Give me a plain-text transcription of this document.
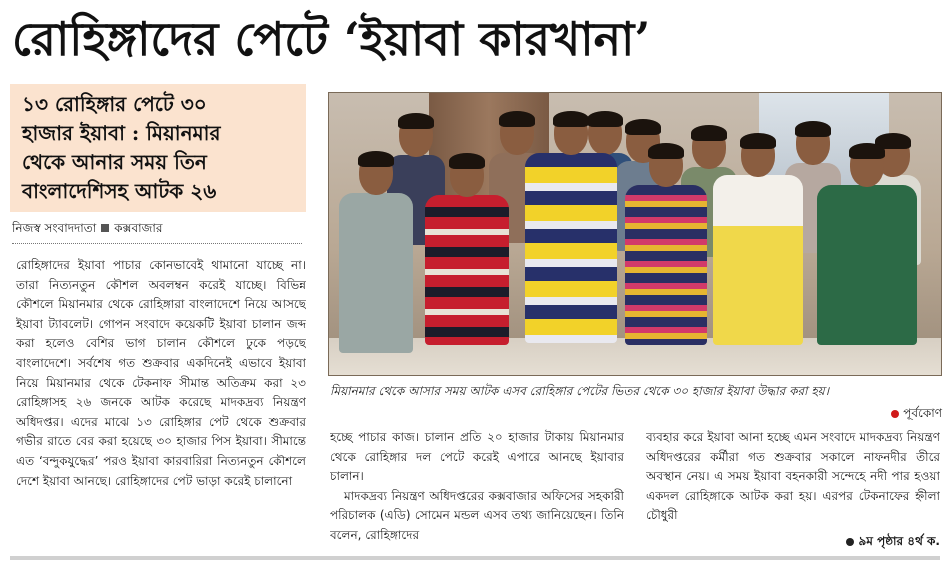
রোহিঙ্গাদের পেটে ‘ইয়াবা কারখানা’
১৩ রোহিঙ্গার পেটে ৩০
হাজার ইয়াবা : মিয়ানমার
থেকে আনার সময় তিন
বাংলাদেশিসহ আটক ২৬
নিজস্ব সংবাদদাতা কক্সবাজার

রোহিঙ্গাদের ইয়াবা পাচার কোনভাবেই থামানো যাচ্ছে না। তারা নিত্যনতুন কৌশল অবলম্বন করেই যাচ্ছে। বিভিন্ন কৌশলে মিয়ানমার থেকে রোহিঙ্গারা বাংলাদেশে নিয়ে আসছে ইয়াবা ট্যাবলেট। গোপন সংবাদে কয়েকটি ইয়াবা চালান জব্দ করা হলেও বেশির ভাগ চালান কৌশলে ঢুকে পড়ছে বাংলাদেশে। সর্বশেষ গত শুক্রবার একদিনেই এভাবে ইয়াবা নিয়ে মিয়ানমার থেকে টেকনাফ সীমান্ত অতিক্রম করা ২৩ রোহিঙ্গাসহ ২৬ জনকে আটক করেছে মাদকদ্রব্য নিয়ন্ত্রণ অধিদপ্তর। এদের মাঝে ১৩ রোহিঙ্গার পেট থেকে শুক্রবার গভীর রাতে বের করা হয়েছে ৩০ হাজার পিস ইয়াবা। সীমান্তে এত ‘বন্দুকযুদ্ধের’ পরও ইয়াবা কারবারিরা নিত্যনতুন কৌশলে দেশে ইয়াবা আনছে। রোহিঙ্গাদের পেট ভাড়া করেই চালানো

মিয়ানমার থেকে আসার সময় আটক এসব রোহিঙ্গার পেটের ভিতর থেকে ৩০ হাজার ইয়াবা উদ্ধার করা হয়।
পূর্বকোণ

হচ্ছে পাচার কাজ। চালান প্রতি ২০ হাজার টাকায় মিয়ানমার থেকে রোহিঙ্গার দল পেটে করেই এপারে আনছে ইয়াবার চালান।

মাদকদ্রব্য নিয়ন্ত্রণ অধিদপ্তরের কক্সবাজার অফিসের সহকারী পরিচালক (এডি) সোমেন মন্ডল এসব তথ্য জানিয়েছেন। তিনি বলেন, রোহিঙ্গাদের

ব্যবহার করে ইয়াবা আনা হচ্ছে এমন সংবাদে মাদকদ্রব্য নিয়ন্ত্রণ অধিদপ্তরের কর্মীরা গত শুক্রবার সকালে নাফনদীর তীরে অবস্থান নেয়। এ সময় ইয়াবা বহনকারী সন্দেহে নদী পার হওয়া একদল রোহিঙ্গাকে আটক করা হয়। এরপর টেকনাফের হ্নীলা চৌধুরী

৯ম পৃষ্ঠার ৪র্থ ক.
